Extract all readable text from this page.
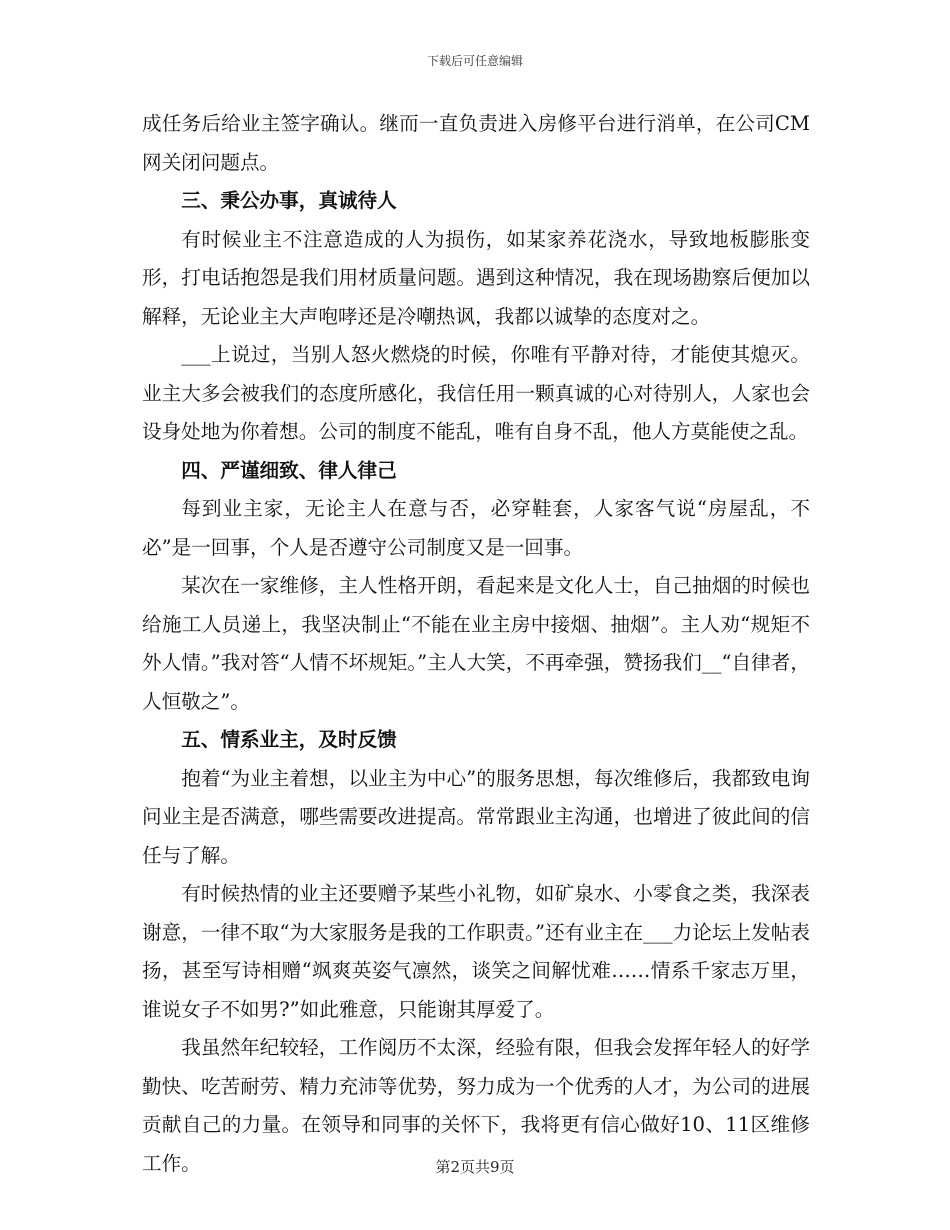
下载后可任意编辑

成任务后给业主签字确认。继而一直负责进入房修平台进行消单，在公司CM网关闭问题点。

三、秉公办事，真诚待人

有时候业主不注意造成的人为损伤，如某家养花浇水，导致地板膨胀变形，打电话抱怨是我们用材质量问题。遇到这种情况，我在现场勘察后便加以解释，无论业主大声咆哮还是冷嘲热讽，我都以诚挚的态度对之。

___上说过，当别人怒火燃烧的时候，你唯有平静对待，才能使其熄灭。业主大多会被我们的态度所感化，我信任用一颗真诚的心对待别人，人家也会设身处地为你着想。公司的制度不能乱，唯有自身不乱，他人方莫能使之乱。

四、严谨细致、律人律己

每到业主家，无论主人在意与否，必穿鞋套，人家客气说“房屋乱，不必”是一回事，个人是否遵守公司制度又是一回事。

某次在一家维修，主人性格开朗，看起来是文化人士，自己抽烟的时候也给施工人员递上，我坚决制止“不能在业主房中接烟、抽烟”。主人劝“规矩不外人情。”我对答“人情不坏规矩。”主人大笑，不再牵强，赞扬我们__“自律者，人恒敬之”。

五、情系业主，及时反馈

抱着“为业主着想，以业主为中心”的服务思想，每次维修后，我都致电询问业主是否满意，哪些需要改进提高。常常跟业主沟通，也增进了彼此间的信任与了解。

有时候热情的业主还要赠予某些小礼物，如矿泉水、小零食之类，我深表谢意，一律不取“为大家服务是我的工作职责。”还有业主在___力论坛上发帖表扬，甚至写诗相赠“飒爽英姿气凛然，谈笑之间解忧难……情系千家志万里，谁说女子不如男?”如此雅意，只能谢其厚爱了。

我虽然年纪较轻，工作阅历不太深，经验有限，但我会发挥年轻人的好学勤快、吃苦耐劳、精力充沛等优势，努力成为一个优秀的人才，为公司的进展贡献自己的力量。在领导和同事的关怀下，我将更有信心做好10、11区维修工作。	第2页共9页
